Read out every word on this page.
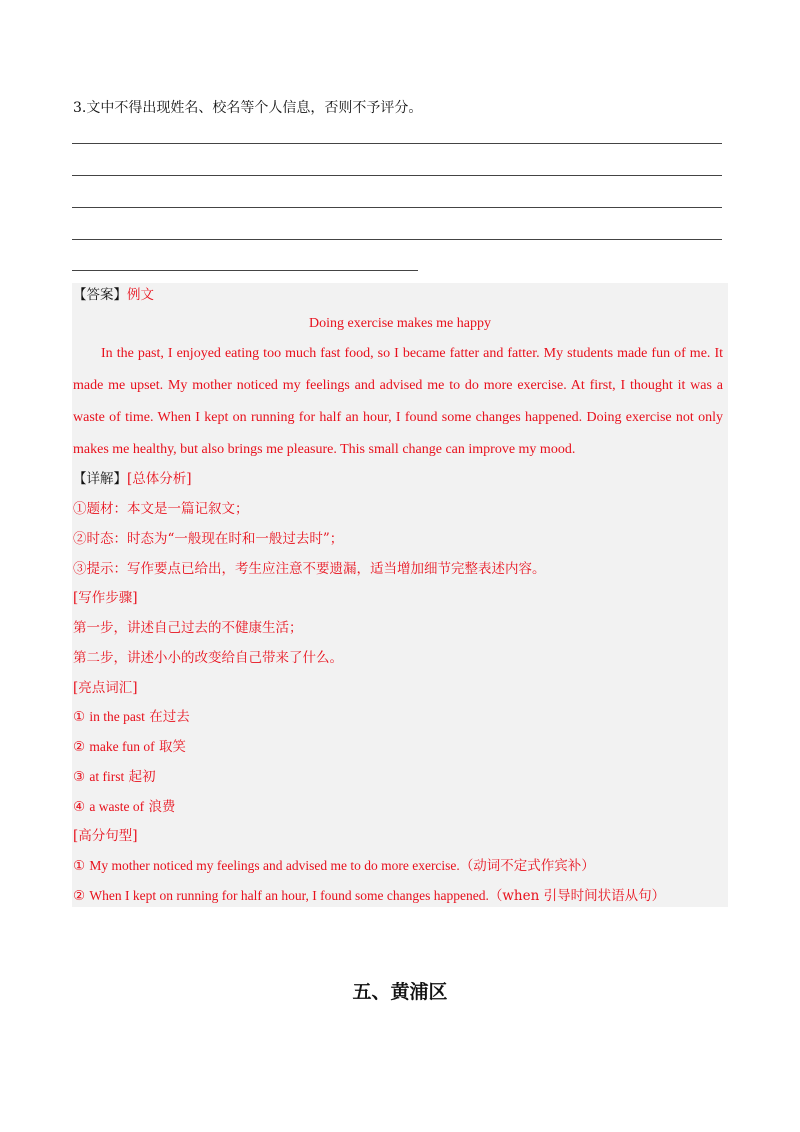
3.文中不得出现姓名、校名等个人信息，否则不予评分。
【答案】例文
Doing exercise makes me happy
In the past, I enjoyed eating too much fast food, so I became fatter and fatter. My students made fun of me. It made me upset. My mother noticed my feelings and advised me to do more exercise. At first, I thought it was a waste of time. When I kept on running for half an hour, I found some changes happened. Doing exercise not only makes me healthy, but also brings me pleasure. This small change can improve my mood.
【详解】[总体分析]
①题材：本文是一篇记叙文；
②时态：时态为“一般现在时和一般过去时”；
③提示：写作要点已给出，考生应注意不要遗漏，适当增加细节完整表述内容。
[写作步骤]
第一步，讲述自己过去的不健康生活；
第二步，讲述小小的改变给自己带来了什么。
[亮点词汇]
① in the past 在过去
② make fun of 取笑
③ at first 起初
④ a waste of 浪费
[高分句型]
① My mother noticed my feelings and advised me to do more exercise.（动词不定式作宾补）
② When I kept on running for half an hour, I found some changes happened.（when 引导时间状语从句）
五、黄浦区
